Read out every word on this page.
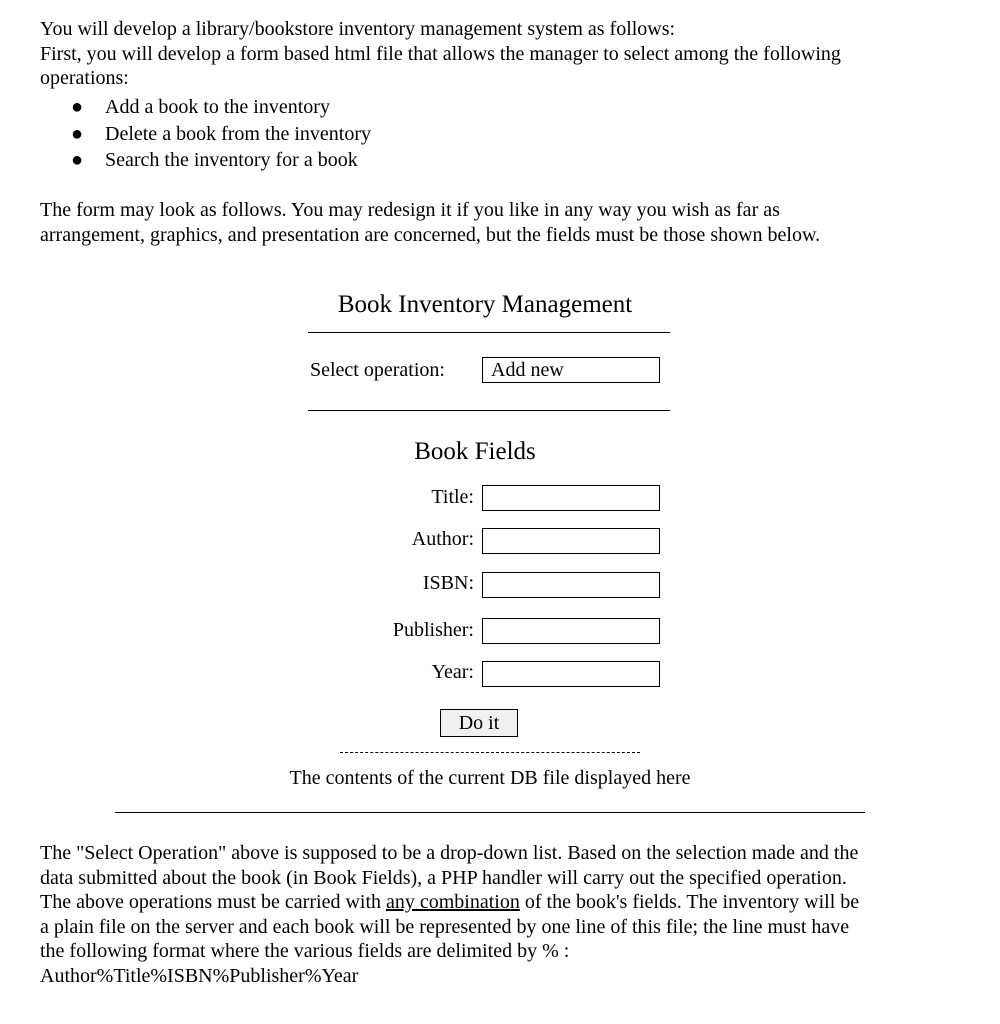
You will develop a library/bookstore inventory management system as follows:
First, you will develop a form based html file that allows the manager to select among the following
operations:
● Add a book to the inventory
● Delete a book from the inventory
● Search the inventory for a book
The form may look as follows. You may redesign it if you like in any way you wish as far as
arrangement, graphics, and presentation are concerned, but the fields must be those shown below.
Book Inventory Management
Select operation:	Add new
Book Fields
Title:
Author:
ISBN:
Publisher:
Year:
Do it
The contents of the current DB file displayed here
The "Select Operation" above is supposed to be a drop-down list. Based on the selection made and the
data submitted about the book (in Book Fields), a PHP handler will carry out the specified operation.
The above operations must be carried with any combination of the book's fields. The inventory will be
a plain file on the server and each book will be represented by one line of this file; the line must have
the following format where the various fields are delimited by % :
Author%Title%ISBN%Publisher%Year
